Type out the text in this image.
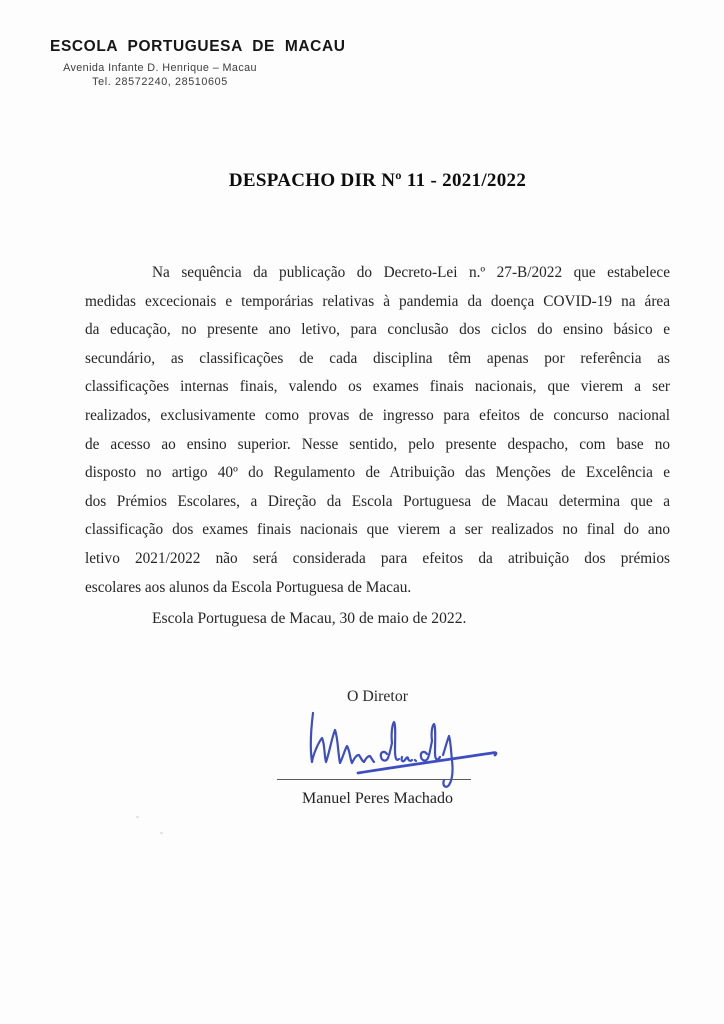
ESCOLA PORTUGUESA DE MACAU
Avenida Infante D. Henrique – Macau
Tel. 28572240, 28510605
DESPACHO DIR Nº 11 - 2021/2022
Na sequência da publicação do Decreto-Lei n.º 27-B/2022 que estabelece
medidas excecionais e temporárias relativas à pandemia da doença COVID-19 na área
da educação, no presente ano letivo, para conclusão dos ciclos do ensino básico e
secundário, as classificações de cada disciplina têm apenas por referência as
classificações internas finais, valendo os exames finais nacionais, que vierem a ser
realizados, exclusivamente como provas de ingresso para efeitos de concurso nacional
de acesso ao ensino superior. Nesse sentido, pelo presente despacho, com base no
disposto no artigo 40º do Regulamento de Atribuição das Menções de Excelência e
dos Prémios Escolares, a Direção da Escola Portuguesa de Macau determina que a
classificação dos exames finais nacionais que vierem a ser realizados no final do ano
letivo 2021/2022 não será considerada para efeitos da atribuição dos prémios
escolares aos alunos da Escola Portuguesa de Macau.
Escola Portuguesa de Macau, 30 de maio de 2022.
O Diretor
Manuel Peres Machado
